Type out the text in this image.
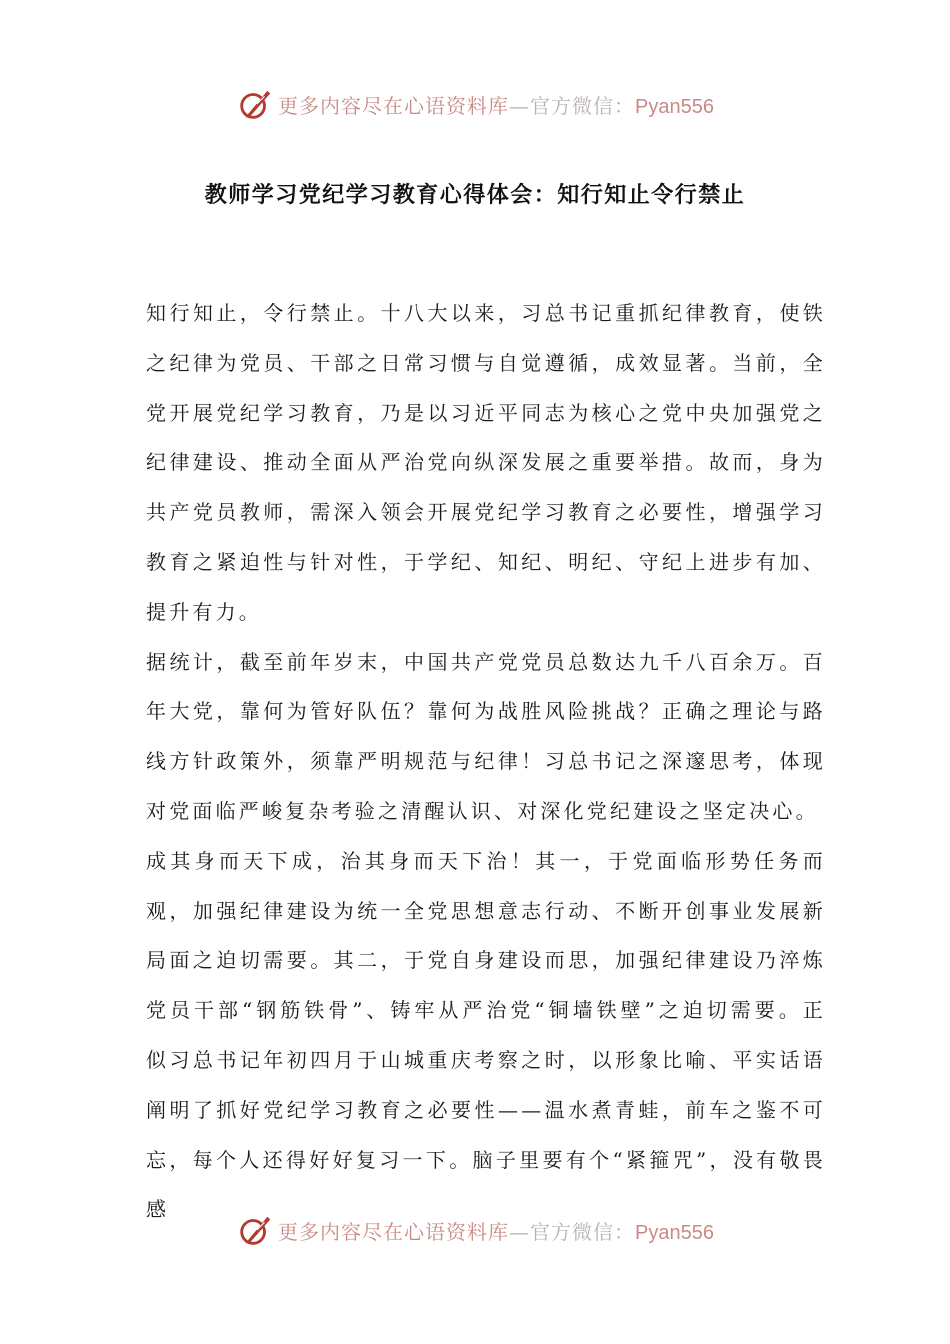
更多内容尽在心语资料库—官方微信：Pyan556
教师学习党纪学习教育心得体会：知行知止令行禁止

知行知止，令行禁止。十八大以来，习总书记重抓纪律教育，使铁之纪律为党员、干部之日常习惯与自觉遵循，成效显著。当前，全党开展党纪学习教育，乃是以习近平同志为核心之党中央加强党之纪律建设、推动全面从严治党向纵深发展之重要举措。故而，身为共产党员教师，需深入领会开展党纪学习教育之必要性，增强学习教育之紧迫性与针对性，于学纪、知纪、明纪、守纪上进步有加、提升有力。

据统计，截至前年岁末，中国共产党党员总数达九千八百余万。百年大党，靠何为管好队伍？靠何为战胜风险挑战？正确之理论与路线方针政策外，须靠严明规范与纪律！习总书记之深邃思考，体现对党面临严峻复杂考验之清醒认识、对深化党纪建设之坚定决心。

成其身而天下成，治其身而天下治！其一，于党面临形势任务而观，加强纪律建设为统一全党思想意志行动、不断开创事业发展新局面之迫切需要。其二，于党自身建设而思，加强纪律建设乃淬炼党员干部“钢筋铁骨”、铸牢从严治党“铜墙铁壁”之迫切需要。正似习总书记年初四月于山城重庆考察之时，以形象比喻、平实话语阐明了抓好党纪学习教育之必要性——温水煮青蛙，前车之鉴不可忘，每个人还得好好复习一下。脑子里要有个“紧箍咒”，没有敬畏感

更多内容尽在心语资料库—官方微信：Pyan556
